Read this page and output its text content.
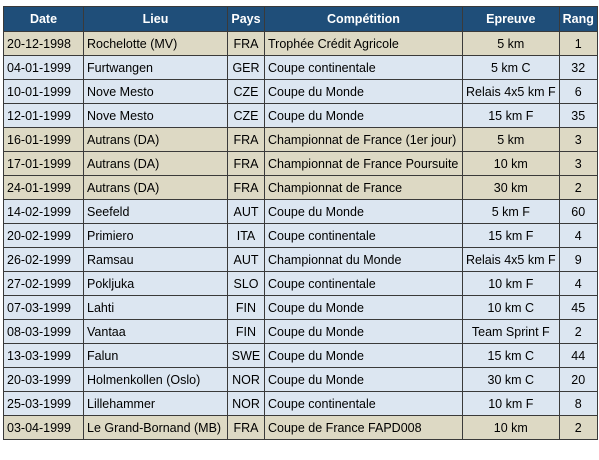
Date	Lieu	Pays	Compétition	Epreuve	Rang
20-12-1998	Rochelotte (MV)	FRA	Trophée Crédit Agricole	5 km	1
04-01-1999	Furtwangen	GER	Coupe continentale	5 km C	32
10-01-1999	Nove Mesto	CZE	Coupe du Monde	Relais 4x5 km F	6
12-01-1999	Nove Mesto	CZE	Coupe du Monde	15 km F	35
16-01-1999	Autrans (DA)	FRA	Championnat de France (1er jour)	5 km	3
17-01-1999	Autrans (DA)	FRA	Championnat de France Poursuite	10 km	3
24-01-1999	Autrans (DA)	FRA	Championnat de France	30 km	2
14-02-1999	Seefeld	AUT	Coupe du Monde	5 km F	60
20-02-1999	Primiero	ITA	Coupe continentale	15 km F	4
26-02-1999	Ramsau	AUT	Championnat du Monde	Relais 4x5 km F	9
27-02-1999	Pokljuka	SLO	Coupe continentale	10 km F	4
07-03-1999	Lahti	FIN	Coupe du Monde	10 km C	45
08-03-1999	Vantaa	FIN	Coupe du Monde	Team Sprint F	2
13-03-1999	Falun	SWE	Coupe du Monde	15 km C	44
20-03-1999	Holmenkollen (Oslo)	NOR	Coupe du Monde	30 km C	20
25-03-1999	Lillehammer	NOR	Coupe continentale	10 km F	8
03-04-1999	Le Grand-Bornand (MB)	FRA	Coupe de France FAPD008	10 km	2
